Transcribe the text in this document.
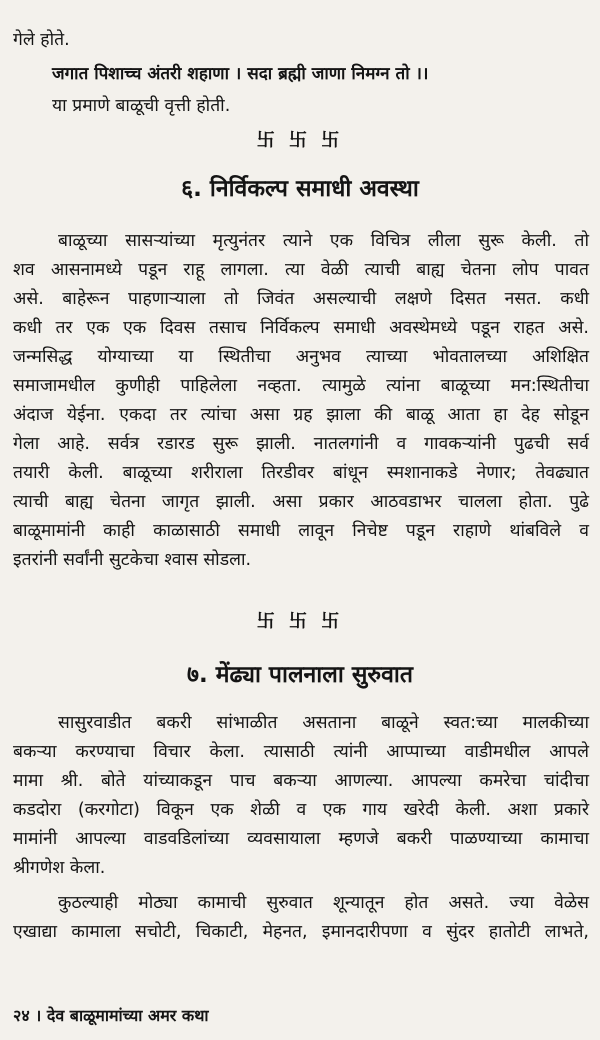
गेले होते.
जगात पिशाच्च अंतरी शहाणा । सदा ब्रह्मी जाणा निमग्न तो ।।
या प्रमाणे बाळूची वृत्ती होती.
卐 卐 卐
६. निर्विकल्प समाधी अवस्था
बाळूच्या सासऱ्यांच्या मृत्युनंतर त्याने एक विचित्र लीला सुरू केली. तो
शव आसनामध्ये पडून राहू लागला. त्या वेळी त्याची बाह्य चेतना लोप पावत
असे. बाहेरून पाहणाऱ्याला तो जिवंत असल्याची लक्षणे दिसत नसत. कधी
कधी तर एक एक दिवस तसाच निर्विकल्प समाधी अवस्थेमध्ये पडून राहत असे.
जन्मसिद्ध योग्याच्या या स्थितीचा अनुभव त्याच्या भोवतालच्या अशिक्षित
समाजामधील कुणीही पाहिलेला नव्हता. त्यामुळे त्यांना बाळूच्या मन:स्थितीचा
अंदाज येईना. एकदा तर त्यांचा असा ग्रह झाला की बाळू आता हा देह सोडून
गेला आहे. सर्वत्र रडारड सुरू झाली. नातलगांनी व गावकऱ्यांनी पुढची सर्व
तयारी केली. बाळूच्या शरीराला तिरडीवर बांधून स्मशानाकडे नेणार; तेवढ्यात
त्याची बाह्य चेतना जागृत झाली. असा प्रकार आठवडाभर चालला होता. पुढे
बाळूमामांनी काही काळासाठी समाधी लावून निचेष्ट पडून राहाणे थांबविले व
इतरांनी सर्वांनी सुटकेचा श्वास सोडला.
卐 卐 卐
७. मेंढ्या पालनाला सुरुवात
सासुरवाडीत बकरी सांभाळीत असताना बाळूने स्वत:च्या मालकीच्या
बकऱ्या करण्याचा विचार केला. त्यासाठी त्यांनी आप्पाच्या वाडीमधील आपले
मामा श्री. बोते यांच्याकडून पाच बकऱ्या आणल्या. आपल्या कमरेचा चांदीचा
कडदोरा (करगोटा) विकून एक शेळी व एक गाय खरेदी केली. अशा प्रकारे
मामांनी आपल्या वाडवडिलांच्या व्यवसायाला म्हणजे बकरी पाळण्याच्या कामाचा
श्रीगणेश केला.
कुठल्याही मोठ्या कामाची सुरुवात शून्यातून होत असते. ज्या वेळेस
एखाद्या कामाला सचोटी, चिकाटी, मेहनत, इमानदारीपणा व सुंदर हातोटी लाभते,
२४ । देव बाळूमामांच्या अमर कथा
